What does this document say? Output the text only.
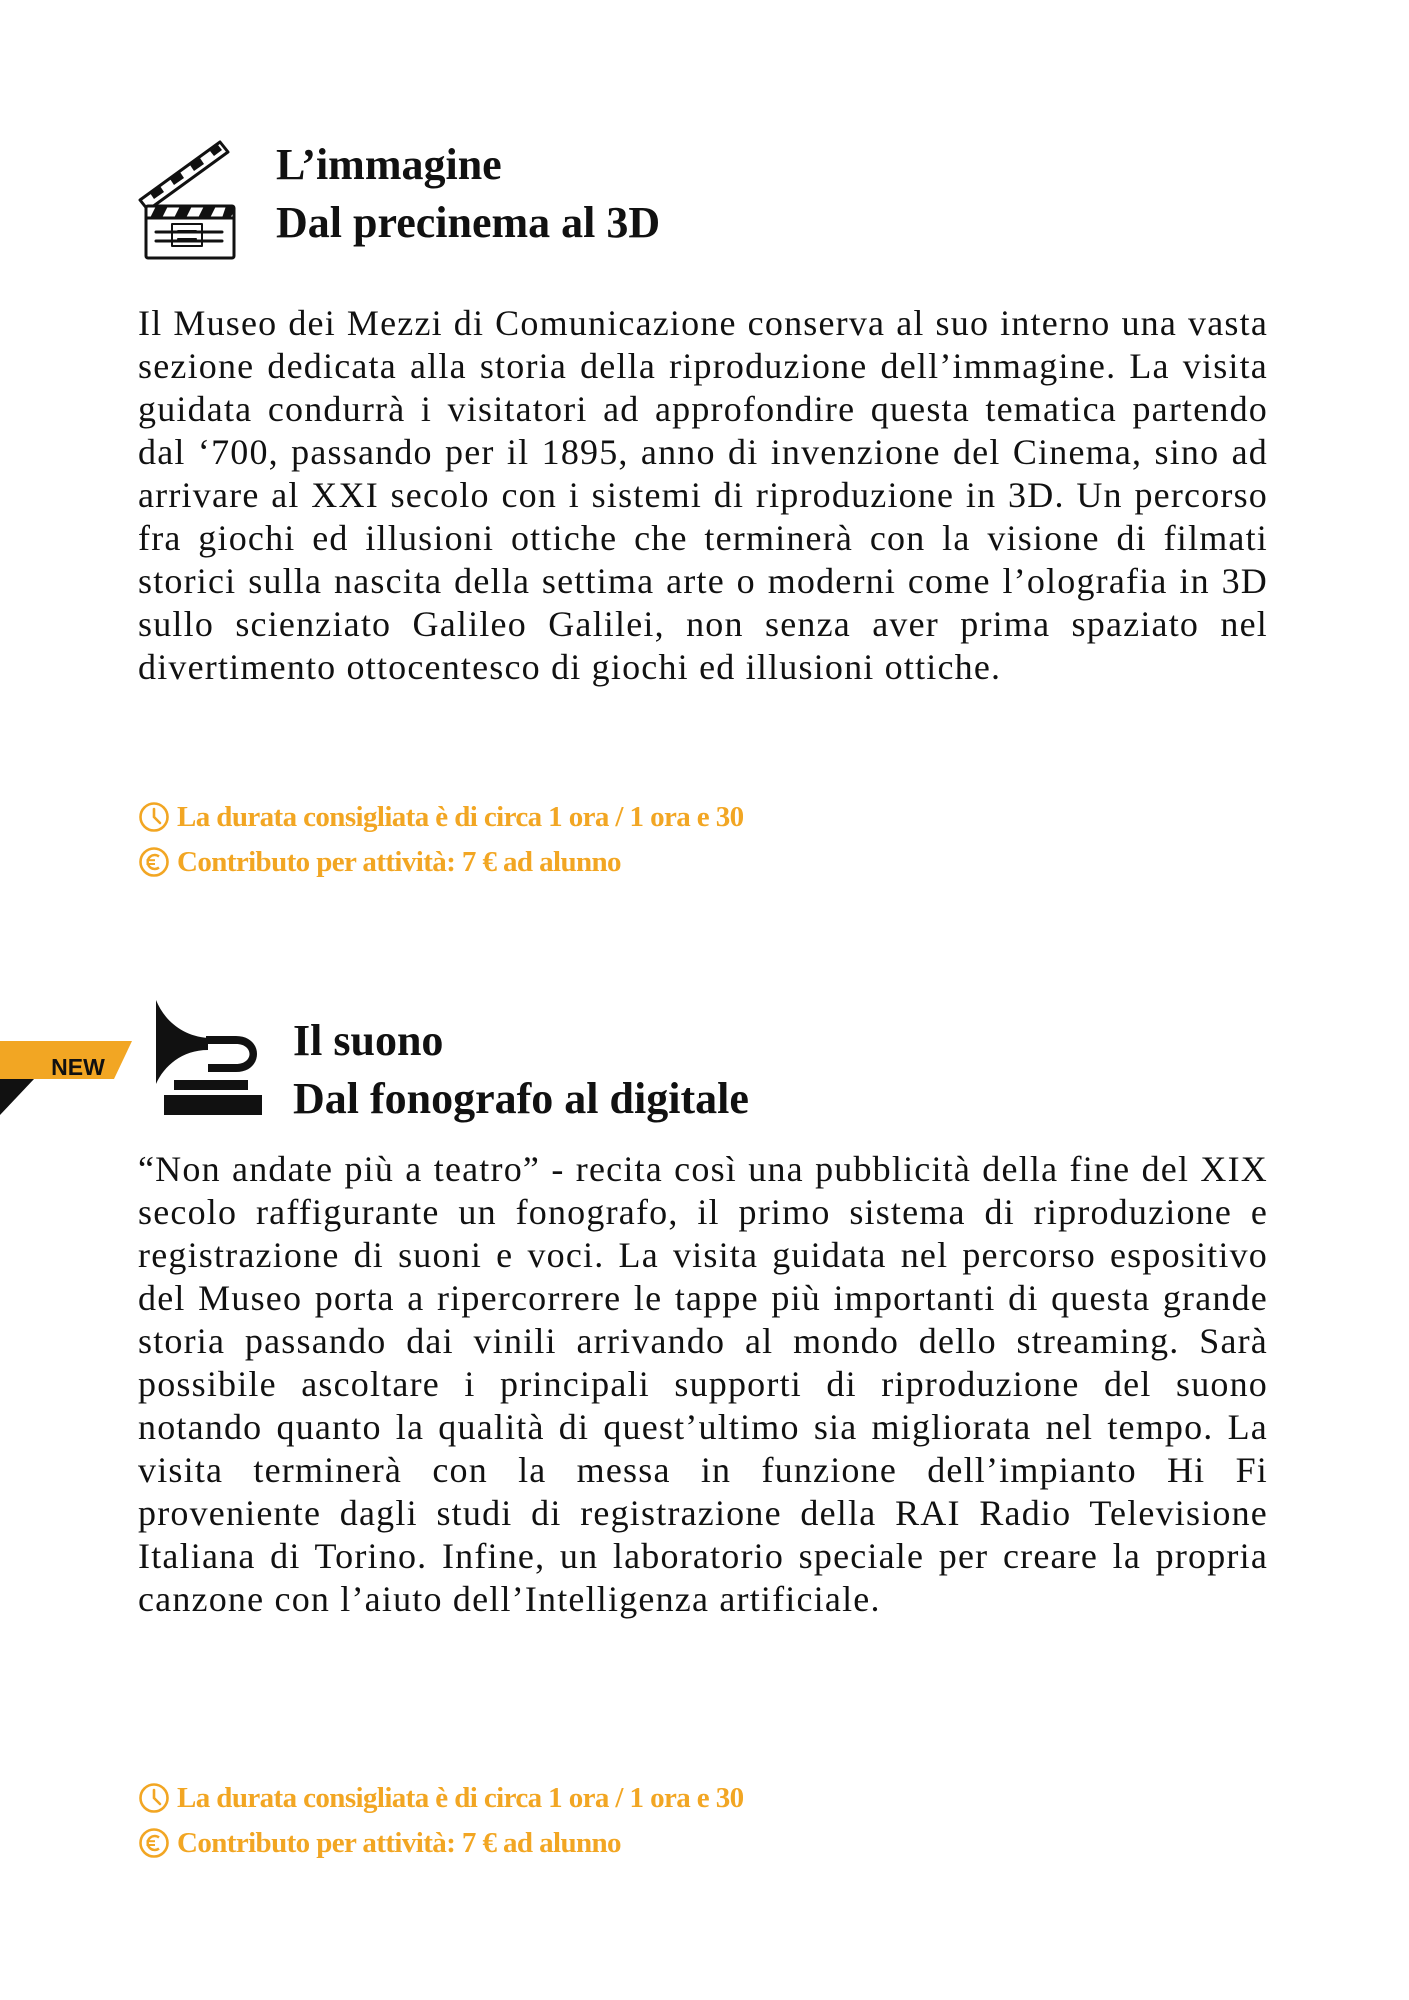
L’immagine
Dal precinema al 3D

Il Museo dei Mezzi di Comunicazione conserva al suo interno una vasta sezione dedicata alla storia della riproduzione dell’immagine. La visita guidata condurrà i visitatori ad approfondire questa tematica partendo dal ‘700, passando per il 1895, anno di invenzione del Cinema, sino ad arrivare al XXI secolo con i sistemi di riproduzione in 3D. Un percorso fra giochi ed illusioni ottiche che terminerà con la visione di filmati storici sulla nascita della settima arte o moderni come l’olografia in 3D sullo scienziato Galileo Galilei, non senza aver prima spaziato nel divertimento ottocentesco di giochi ed illusioni ottiche.

La durata consigliata è di circa 1 ora / 1 ora e 30
Contributo per attività: 7 € ad alunno
NEW
Il suono
Dal fonografo al digitale

“Non andate più a teatro” - recita così una pubblicità della fine del XIX secolo raffigurante un fonografo, il primo sistema di riproduzione e registrazione di suoni e voci. La visita guidata nel percorso espositivo del Museo porta a ripercorrere le tappe più importanti di questa grande storia passando dai vinili arrivando al mondo dello streaming. Sarà possibile ascoltare i principali supporti di riproduzione del suono notando quanto la qualità di quest’ultimo sia migliorata nel tempo. La visita terminerà con la messa in funzione dell’impianto Hi Fi proveniente dagli studi di registrazione della RAI Radio Televisione Italiana di Torino. Infine, un laboratorio speciale per creare la propria canzone con l’aiuto dell’Intelligenza artificiale.

La durata consigliata è di circa 1 ora / 1 ora e 30
Contributo per attività: 7 € ad alunno
